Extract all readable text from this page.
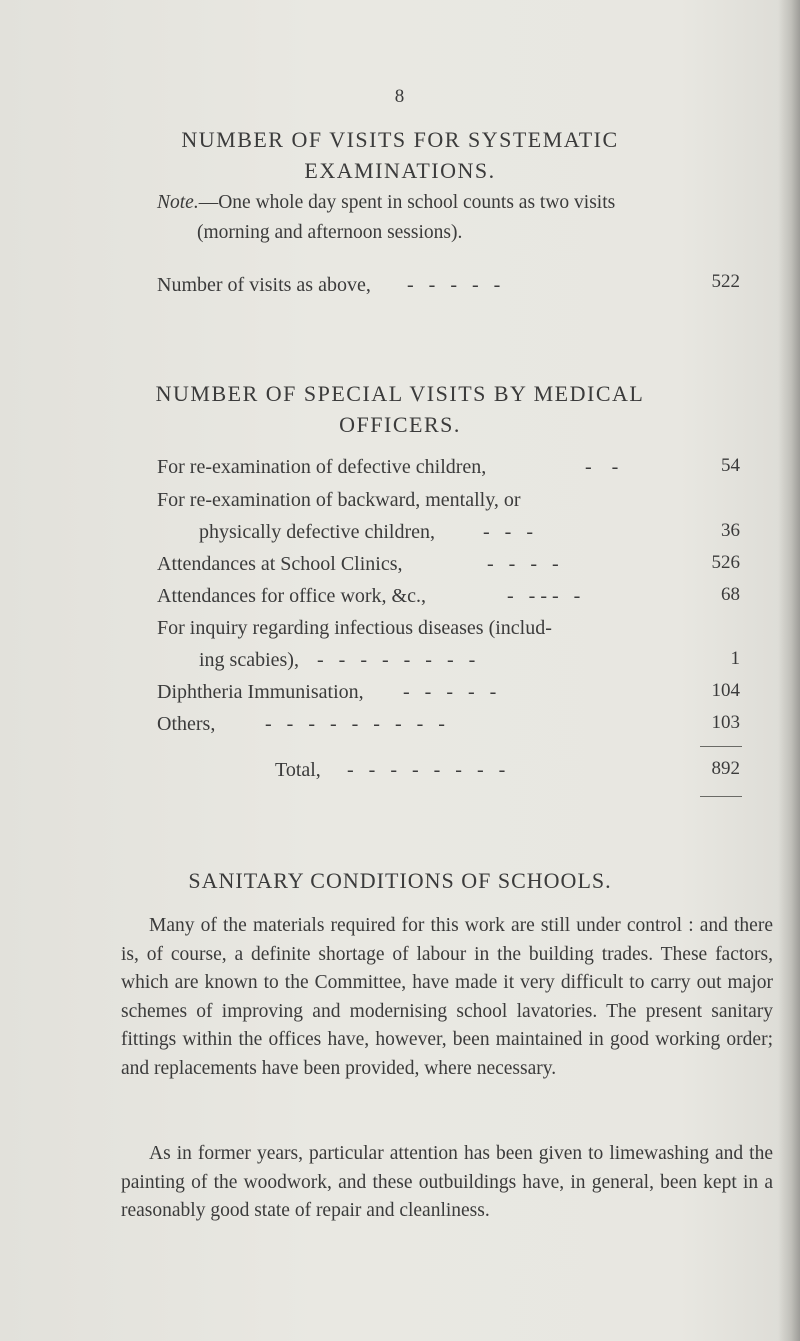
8
NUMBER OF VISITS FOR SYSTEMATIC
EXAMINATIONS.
Note.—One whole day spent in school counts as two visits
(morning and afternoon sessions).
Number of visits as above, -   -   -   -   -	522
NUMBER OF SPECIAL VISITS BY MEDICAL
OFFICERS.
For re-examination of defective children,	-    -	54
For re-examination of backward, mentally, or
physically defective children, -   -   -	36
Attendances at School Clinics,	-   -   -   -	526
Attendances for office work, &c.,	-   - - -   -	68
For inquiry regarding infectious diseases (includ-
ing scabies), -   -   -   -   -   -   -   -	1
Diphtheria Immunisation, -   -   -   -   -	104
Others, -   -   -   -   -   -   -   -   -	103
Total, -   -   -   -   -   -   -   -	892
SANITARY CONDITIONS OF SCHOOLS.
Many of the materials required for this work are still under control : and there is, of course, a definite shortage of labour in the building trades. These factors, which are known to the Committee, have made it very difficult to carry out major schemes of improving and modernising school lavatories. The present sanitary fittings within the offices have, however, been maintained in good working order; and replacements have been provided, where necessary.
As in former years, particular attention has been given to limewashing and the painting of the woodwork, and these outbuildings have, in general, been kept in a reasonably good state of repair and cleanliness.
